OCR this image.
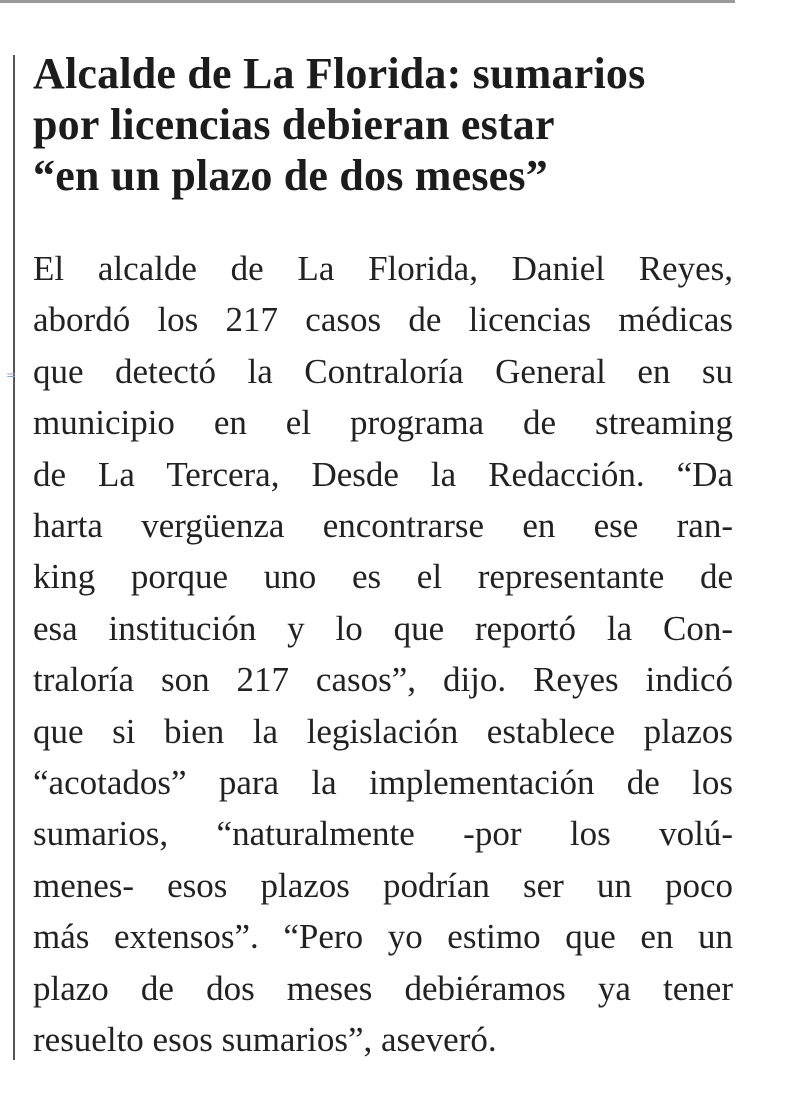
=
Alcalde de La Florida: sumarios
por licencias debieran estar
“en un plazo de dos meses”
El alcalde de La Florida, Daniel Reyes,
abordó los 217 casos de licencias médicas
que detectó la Contraloría General en su
municipio en el programa de streaming
de La Tercera, Desde la Redacción. “Da
harta vergüenza encontrarse en ese ran-
king porque uno es el representante de
esa institución y lo que reportó la Con-
traloría son 217 casos”, dijo. Reyes indicó
que si bien la legislación establece plazos
“acotados” para la implementación de los
sumarios, “naturalmente -por los volú-
menes- esos plazos podrían ser un poco
más extensos”. “Pero yo estimo que en un
plazo de dos meses debiéramos ya tener
resuelto esos sumarios”, aseveró.
